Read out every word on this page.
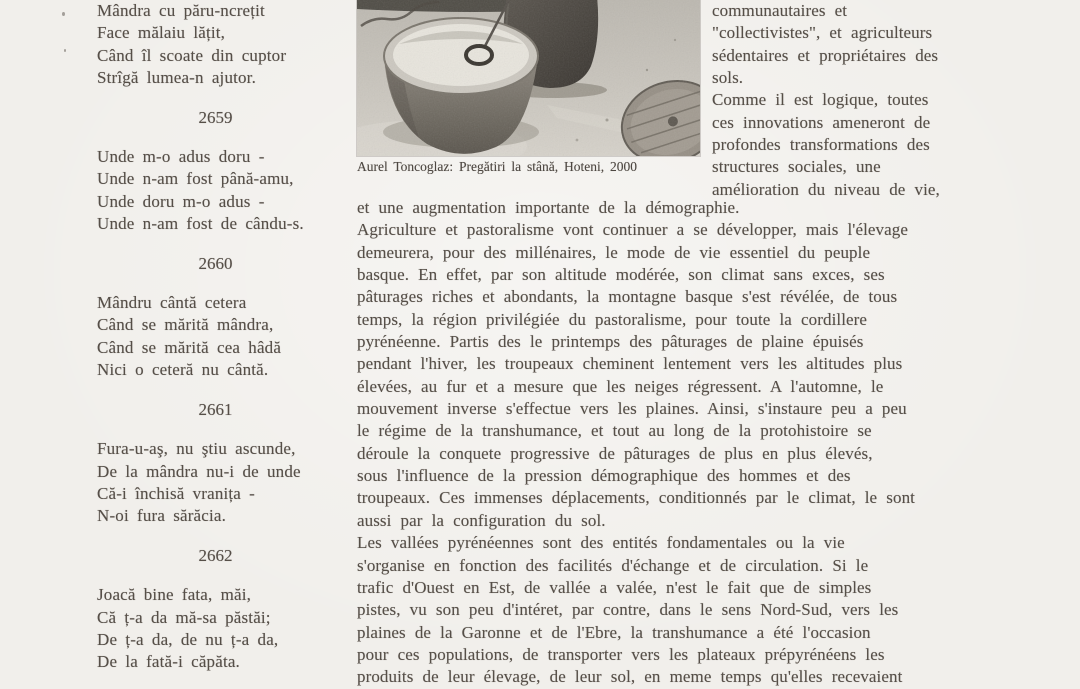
Mândra cu păru-ncrețit
Face mălaiu lățit,
Când îl scoate din cuptor
Strîgă lumea-n ajutor.
2659
Unde m-o adus doru -
Unde n-am fost până-amu,
Unde doru m-o adus -
Unde n-am fost de cându-s.
2660
Mândru cântă cetera
Când se mărită mândra,
Când se mărită cea hâdă
Nici o ceteră nu cântă.
2661
Fura-u-aş, nu ştiu ascunde,
De la mândra nu-i de unde
Că-i închisă vranița -
N-oi fura sărăcia.
2662
Joacă bine fata, măi,
Că ț-a da mă-sa păstăi;
De ț-a da, de nu ț-a da,
De la fată-i căpăta.
Aurel Toncoglaz: Pregătiri la stână, Hoteni, 2000
communautaires et
"collectivistes", et agriculteurs
sédentaires et propriétaires des
sols.
Comme il est logique, toutes
ces innovations ameneront de
profondes transformations des
structures sociales, une
amélioration du niveau de vie,
et une augmentation importante de la démographie.
Agriculture et pastoralisme vont continuer a se développer, mais l'élevage
demeurera, pour des millénaires, le mode de vie essentiel du peuple
basque. En effet, par son altitude modérée, son climat sans exces, ses
pâturages riches et abondants, la montagne basque s'est révélée, de tous
temps, la région privilégiée du pastoralisme, pour toute la cordillere
pyrénéenne. Partis des le printemps des pâturages de plaine épuisés
pendant l'hiver, les troupeaux cheminent lentement vers les altitudes plus
élevées, au fur et a mesure que les neiges régressent. A l'automne, le
mouvement inverse s'effectue vers les plaines. Ainsi, s'instaure peu a peu
le régime de la transhumance, et tout au long de la protohistoire se
déroule la conquete progressive de pâturages de plus en plus élevés,
sous l'influence de la pression démographique des hommes et des
troupeaux. Ces immenses déplacements, conditionnés par le climat, le sont
aussi par la configuration du sol.
Les vallées pyrénéennes sont des entités fondamentales ou la vie
s'organise en fonction des facilités d'échange et de circulation. Si le
trafic d'Ouest en Est, de vallée a valée, n'est le fait que de simples
pistes, vu son peu d'intéret, par contre, dans le sens Nord-Sud, vers les
plaines de la Garonne et de l'Ebre, la transhumance a été l'occasion
pour ces populations, de transporter vers les plateaux prépyrénéens les
produits de leur élevage, de leur sol, en meme temps qu'elles recevaient
